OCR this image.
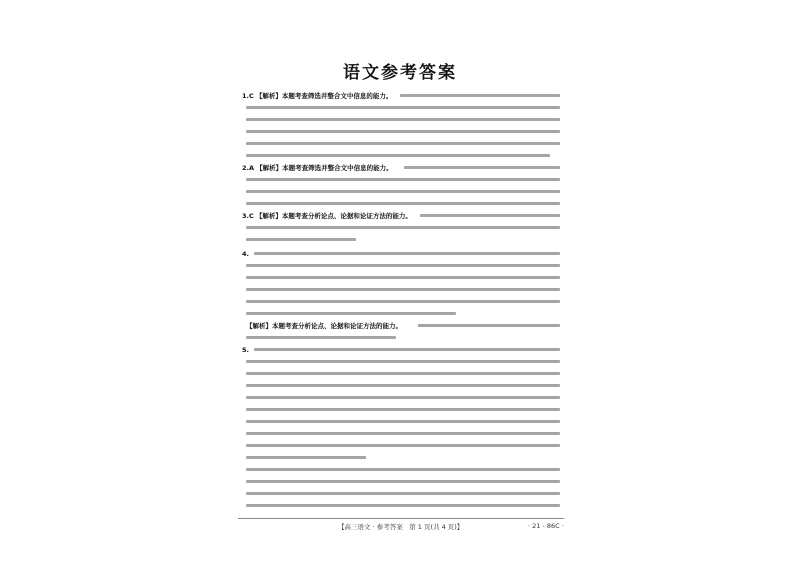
语文参考答案
1.C 【解析】本题考查筛选并整合文中信息的能力。
2.A 【解析】本题考查筛选并整合文中信息的能力。
3.C 【解析】本题考查分析论点、论据和论证方法的能力。
4.
【解析】本题考查分析论点、论据和论证方法的能力。
5.
【高三语文 · 参考答案　第 1 页(共 4 页)】	· 21 - 86C ·
